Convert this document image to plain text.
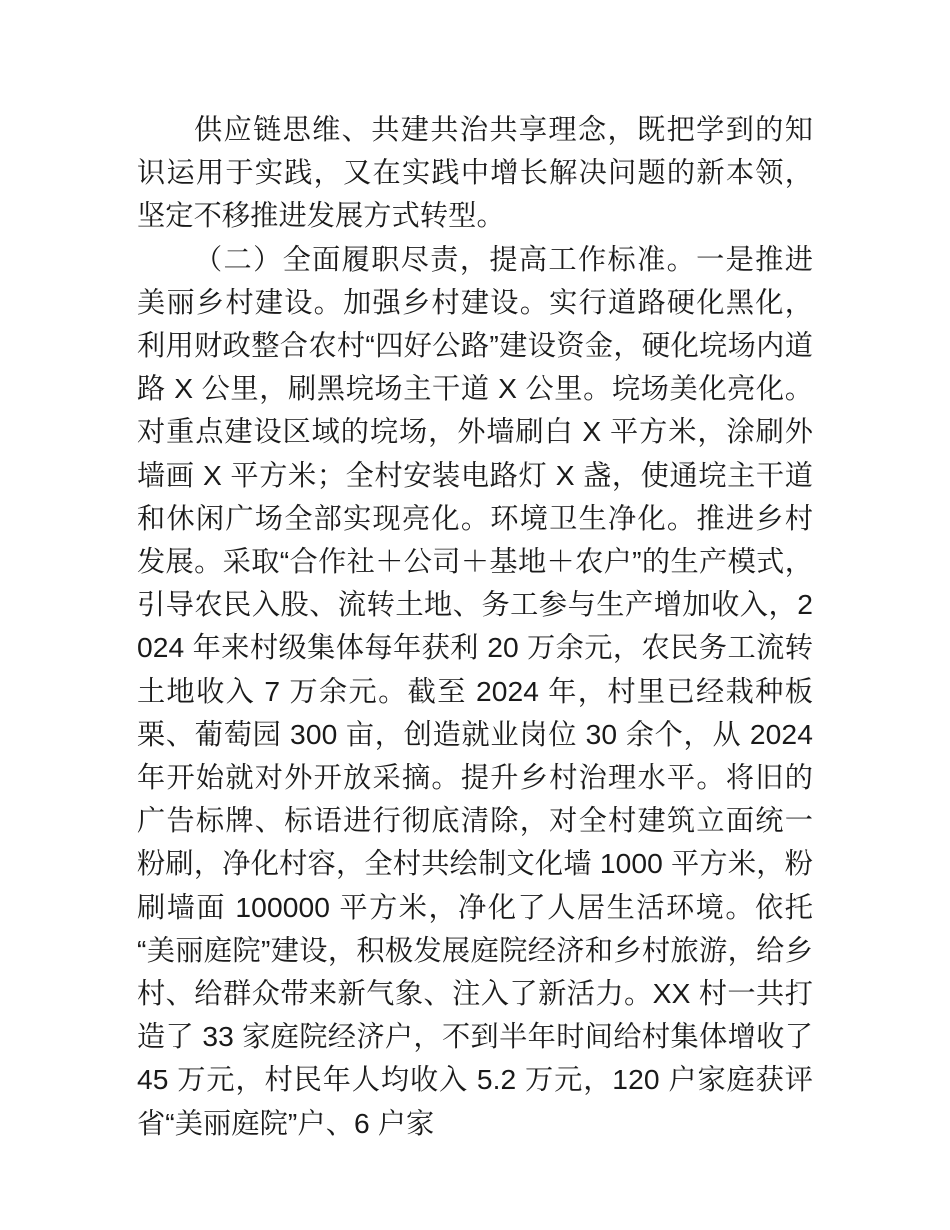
供应链思维、共建共治共享理念，既把学到的知识运用于实践，又在实践中增长解决问题的新本领，坚定不移推进发展方式转型。

（二）全面履职尽责，提高工作标准。一是推进美丽乡村建设。加强乡村建设。实行道路硬化黑化，利用财政整合农村“四好公路”建设资金，硬化垸场内道路 X 公里，刷黑垸场主干道 X 公里。垸场美化亮化。对重点建设区域的垸场，外墙刷白 X 平方米，涂刷外墙画 X 平方米；全村安装电路灯 X 盏，使通垸主干道和休闲广场全部实现亮化。环境卫生净化。推进乡村发展。采取“合作社＋公司＋基地＋农户”的生产模式，引导农民入股、流转土地、务工参与生产增加收入，2024 年来村级集体每年获利 20 万余元，农民务工流转土地收入 7 万余元。截至 2024 年，村里已经栽种板栗、葡萄园 300 亩，创造就业岗位 30 余个，从 2024 年开始就对外开放采摘。提升乡村治理水平。将旧的广告标牌、标语进行彻底清除，对全村建筑立面统一粉刷，净化村容，全村共绘制文化墙 1000 平方米，粉刷墙面 100000 平方米，净化了人居生活环境。依托“美丽庭院”建设，积极发展庭院经济和乡村旅游，给乡村、给群众带来新气象、注入了新活力。XX 村一共打造了 33 家庭院经济户，不到半年时间给村集体增收了 45 万元，村民年人均收入 5.2 万元，120 户家庭获评省“美丽庭院”户、6 户家
